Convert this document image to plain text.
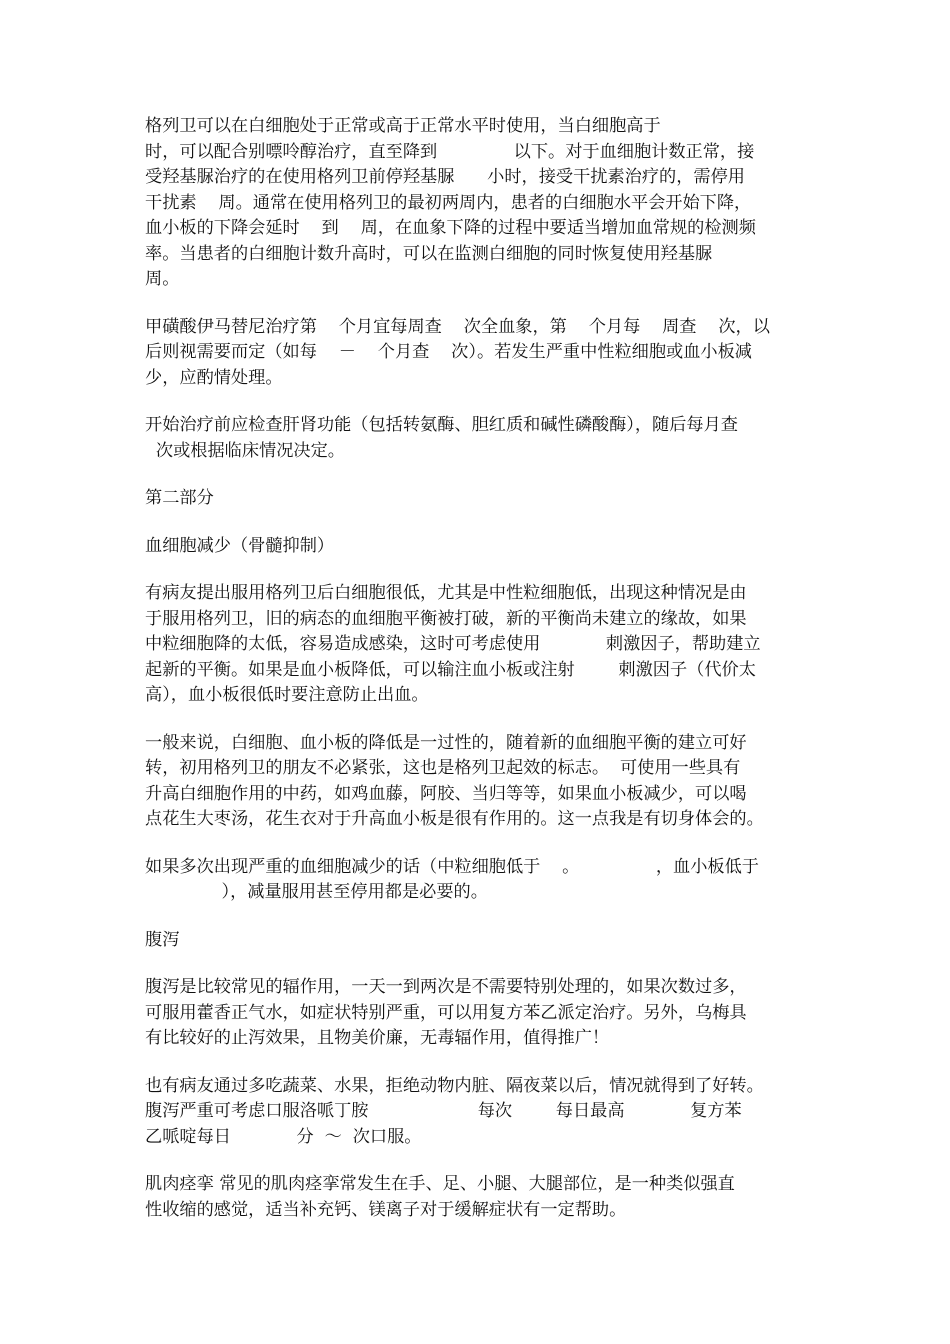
格列卫可以在白细胞处于正常或高于正常水平时使用，当白细胞高于
时，可以配合别嘌呤醇治疗，直至降到              以下。对于血细胞计数正常，接
受羟基脲治疗的在使用格列卫前停羟基脲      小时，接受干扰素治疗的，需停用
干扰素    周。通常在使用格列卫的最初两周内，患者的白细胞水平会开始下降，
血小板的下降会延时    到    周，在血象下降的过程中要适当增加血常规的检测频
率。当患者的白细胞计数升高时，可以在监测白细胞的同时恢复使用羟基脲
周。
甲磺酸伊马替尼治疗第    个月宜每周查    次全血象，第    个月每    周查    次，以
后则视需要而定（如每    －    个月查    次）。若发生严重中性粒细胞或血小板减
少，应酌情处理。
开始治疗前应检查肝肾功能（包括转氨酶、胆红质和碱性磷酸酶），随后每月查
次或根据临床情况决定。
第二部分
血细胞减少（骨髓抑制）
有病友提出服用格列卫后白细胞很低，尤其是中性粒细胞低，出现这种情况是由
于服用格列卫，旧的病态的血细胞平衡被打破，新的平衡尚未建立的缘故，如果
中粒细胞降的太低，容易造成感染，这时可考虑使用            刺激因子，帮助建立
起新的平衡。如果是血小板降低，可以输注血小板或注射        刺激因子（代价太
高），血小板很低时要注意防止出血。
一般来说，白细胞、血小板的降低是一过性的，随着新的血细胞平衡的建立可好
转，初用格列卫的朋友不必紧张，这也是格列卫起效的标志。  可使用一些具有
升高白细胞作用的中药，如鸡血藤，阿胶、当归等等，如果血小板减少，可以喝
点花生大枣汤，花生衣对于升高血小板是很有作用的。这一点我是有切身体会的。
如果多次出现严重的血细胞减少的话（中粒细胞低于    。              ，血小板低于
），减量服用甚至停用都是必要的。
腹泻
腹泻是比较常见的辐作用，一天一到两次是不需要特别处理的，如果次数过多，
可服用藿香正气水，如症状特别严重，可以用复方苯乙派定治疗。另外，乌梅具
有比较好的止泻效果，且物美价廉，无毒辐作用，值得推广！
也有病友通过多吃蔬菜、水果，拒绝动物内脏、隔夜菜以后，情况就得到了好转。
腹泻严重可考虑口服洛哌丁胺                    每次        每日最高            复方苯
乙哌啶每日            分  ～  次口服。
肌肉痉挛 常见的肌肉痉挛常发生在手、足、小腿、大腿部位，是一种类似强直
性收缩的感觉，适当补充钙、镁离子对于缓解症状有一定帮助。
